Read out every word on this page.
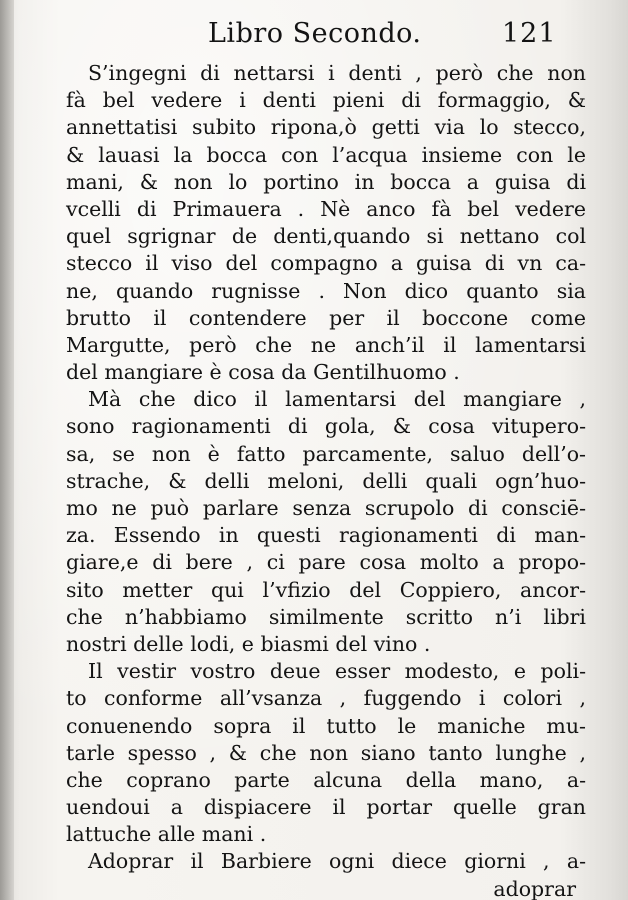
Libro Secondo.	121
S’ingegni di nettarsi i denti , però che non
fà bel vedere i denti pieni di formaggio, &
annettatisi subito ripona,ò getti via lo stecco,
& lauasi la bocca con l’acqua insieme con le
mani, & non lo portino in bocca a guisa di
vcelli di Primauera . Nè anco fà bel vedere
quel sgrignar de denti,quando si nettano col
stecco il viso del compagno a guisa di vn ca-
ne, quando rugnisse . Non dico quanto sia
brutto il contendere per il boccone come
Margutte, però che ne anch’il il lamentarsi
del mangiare è cosa da Gentilhuomo .
Mà che dico il lamentarsi del mangiare ,
sono ragionamenti di gola, & cosa vitupero-
sa, se non è fatto parcamente, saluo dell’o-
strache, & delli meloni, delli quali ogn’huo-
mo ne può parlare senza scrupolo di consciē-
za. Essendo in questi ragionamenti di man-
giare,e di bere , ci pare cosa molto a propo-
sito metter qui l’vfizio del Coppiero, ancor-
che n’habbiamo similmente scritto n’i libri
nostri delle lodi, e biasmi del vino .
Il vestir vostro deue esser modesto, e poli-
to conforme all’vsanza , fuggendo i colori ,
conuenendo sopra il tutto le maniche mu-
tarle spesso , & che non siano tanto lunghe ,
che coprano parte alcuna della mano, a-
uendoui a dispiacere il portar quelle gran
lattuche alle mani .
Adoprar il Barbiere ogni diece giorni , a-
adoprar
